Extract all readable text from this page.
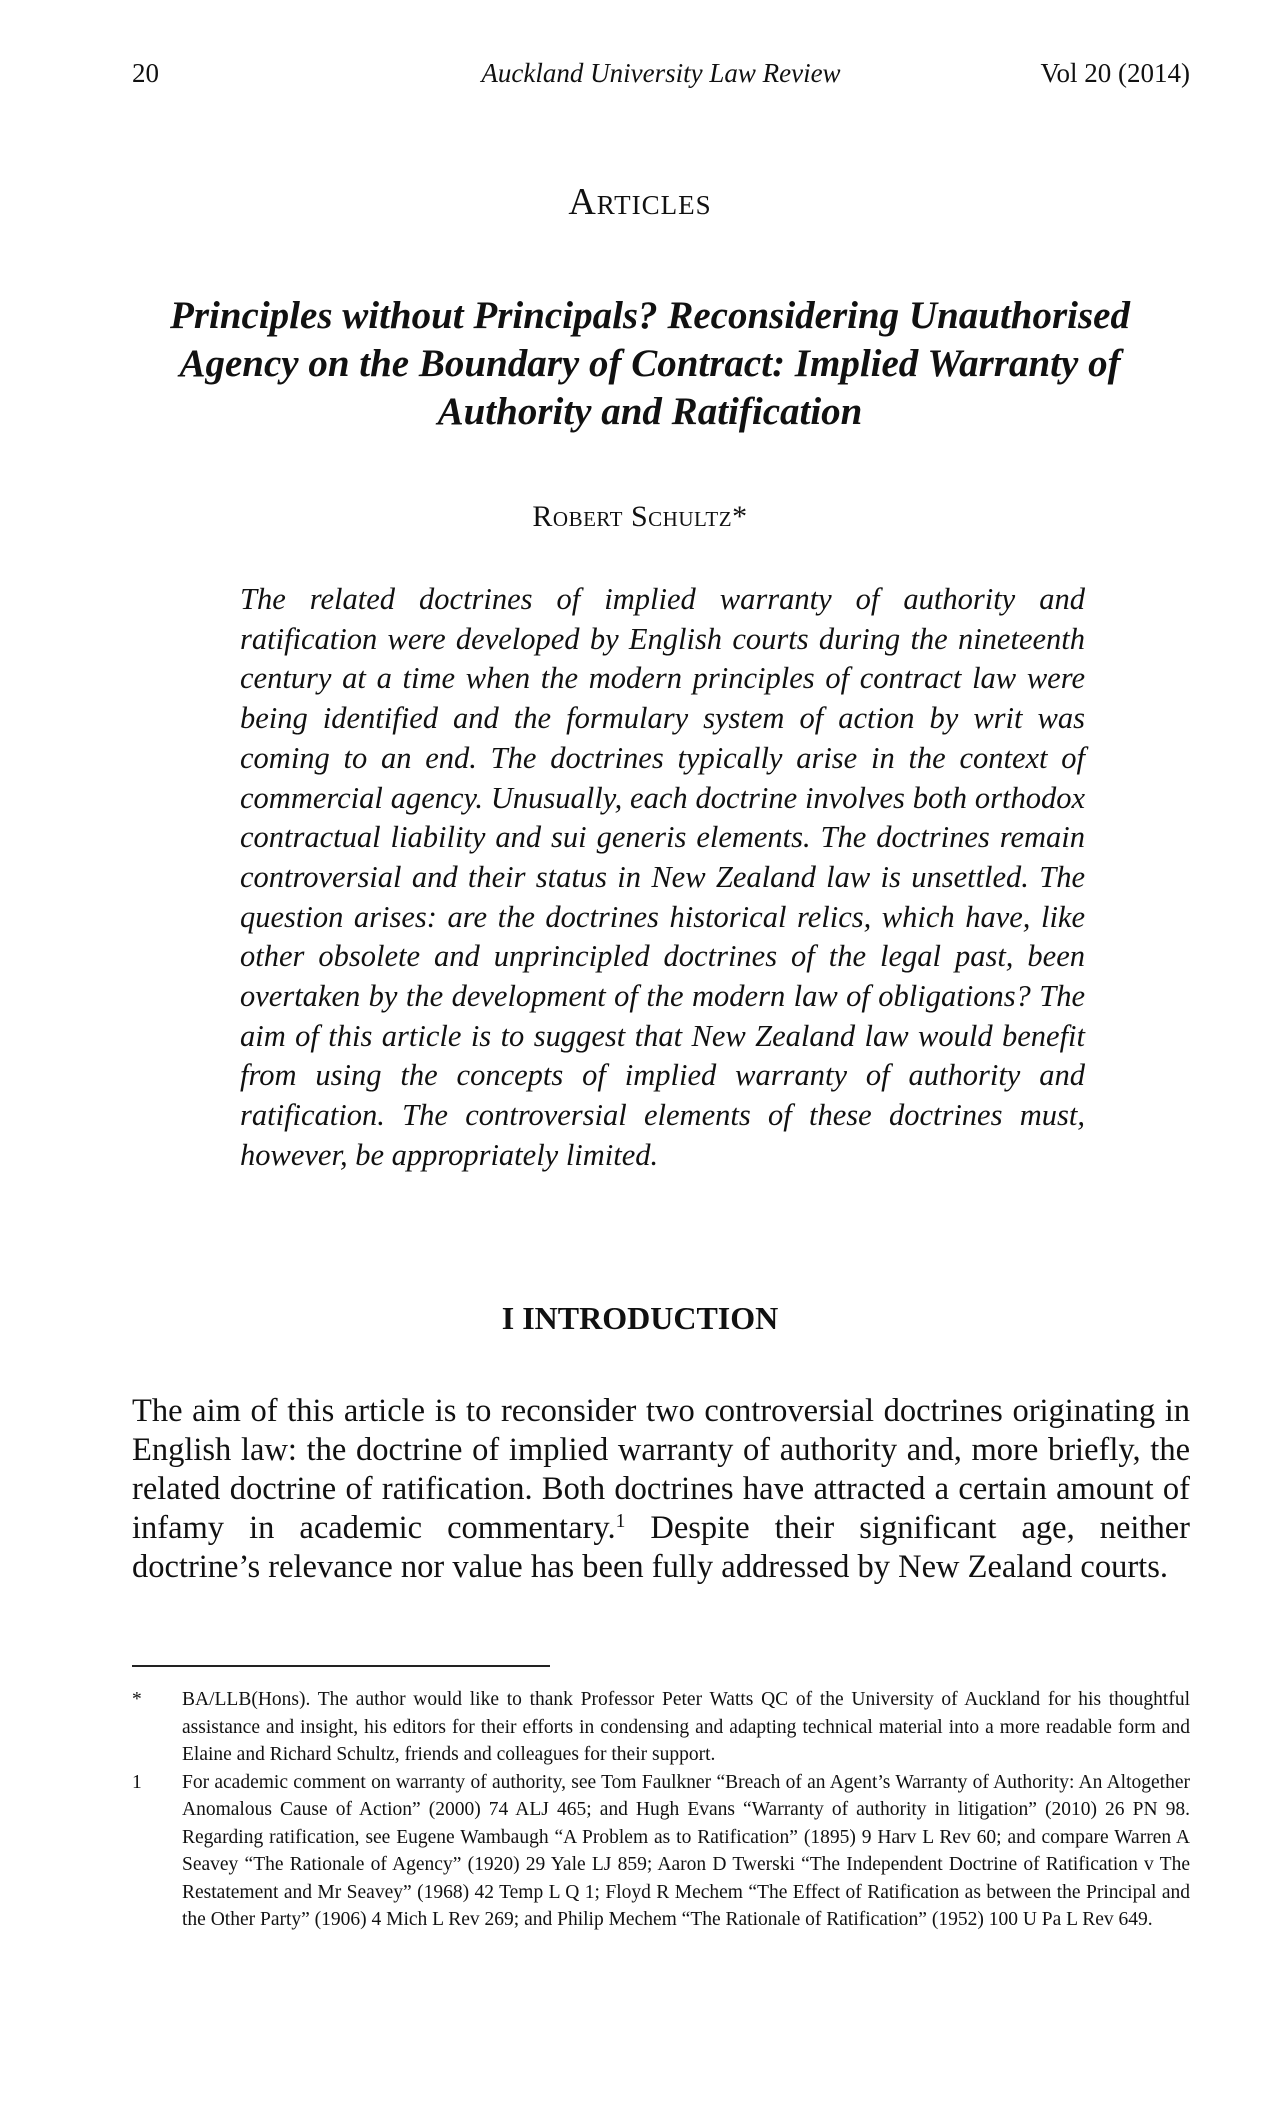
20	Auckland University Law Review	Vol 20 (2014)
Articles
Principles without Principals? Reconsidering Unauthorised Agency on the Boundary of Contract: Implied Warranty of Authority and Ratification
Robert Schultz*
The related doctrines of implied warranty of authority and ratification were developed by English courts during the nineteenth century at a time when the modern principles of contract law were being identified and the formulary system of action by writ was coming to an end. The doctrines typically arise in the context of commercial agency. Unusually, each doctrine involves both orthodox contractual liability and sui generis elements. The doctrines remain controversial and their status in New Zealand law is unsettled. The question arises: are the doctrines historical relics, which have, like other obsolete and unprincipled doctrines of the legal past, been overtaken by the development of the modern law of obligations? The aim of this article is to suggest that New Zealand law would benefit from using the concepts of implied warranty of authority and ratification. The controversial elements of these doctrines must, however, be appropriately limited.
I INTRODUCTION
The aim of this article is to reconsider two controversial doctrines originating in English law: the doctrine of implied warranty of authority and, more briefly, the related doctrine of ratification. Both doctrines have attracted a certain amount of infamy in academic commentary.$^1$ Despite their significant age, neither doctrine’s relevance nor value has been fully addressed by New Zealand courts.
* BA/LLB(Hons). The author would like to thank Professor Peter Watts QC of the University of Auckland for his thoughtful assistance and insight, his editors for their efforts in condensing and adapting technical material into a more readable form and Elaine and Richard Schultz, friends and colleagues for their support.
1 For academic comment on warranty of authority, see Tom Faulkner “Breach of an Agent’s Warranty of Authority: An Altogether Anomalous Cause of Action” (2000) 74 ALJ 465; and Hugh Evans “Warranty of authority in litigation” (2010) 26 PN 98. Regarding ratification, see Eugene Wambaugh “A Problem as to Ratification” (1895) 9 Harv L Rev 60; and compare Warren A Seavey “The Rationale of Agency” (1920) 29 Yale LJ 859; Aaron D Twerski “The Independent Doctrine of Ratification v The Restatement and Mr Seavey” (1968) 42 Temp L Q 1; Floyd R Mechem “The Effect of Ratification as between the Principal and the Other Party” (1906) 4 Mich L Rev 269; and Philip Mechem “The Rationale of Ratification” (1952) 100 U Pa L Rev 649.
